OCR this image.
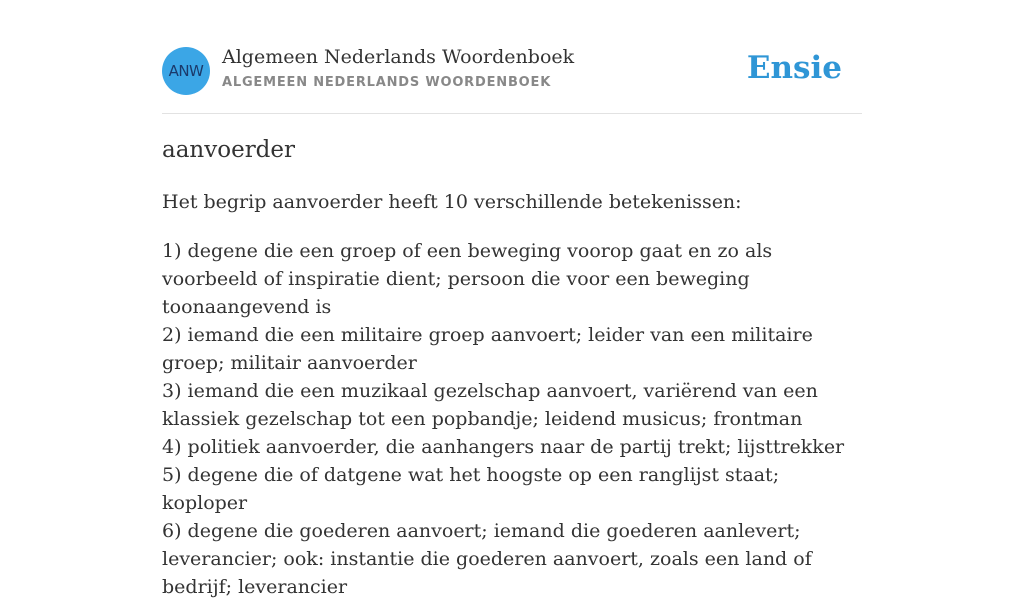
ANW
Algemeen Nederlands Woordenboek
ALGEMEEN NEDERLANDS WOORDENBOEK	Ensie
aanvoerder
Het begrip aanvoerder heeft 10 verschillende betekenissen:
1) degene die een groep of een beweging voorop gaat en zo als voorbeeld of inspiratie dient; persoon die voor een beweging toonaangevend is
2) iemand die een militaire groep aanvoert; leider van een militaire groep; militair aanvoerder
3) iemand die een muzikaal gezelschap aanvoert, variërend van een klassiek gezelschap tot een popbandje; leidend musicus; frontman
4) politiek aanvoerder, die aanhangers naar de partij trekt; lijsttrekker
5) degene die of datgene wat het hoogste op een ranglijst staat; koploper
6) degene die goederen aanvoert; iemand die goederen aanlevert; leverancier; ook: instantie die goederen aanvoert, zoals een land of bedrijf; leverancier
